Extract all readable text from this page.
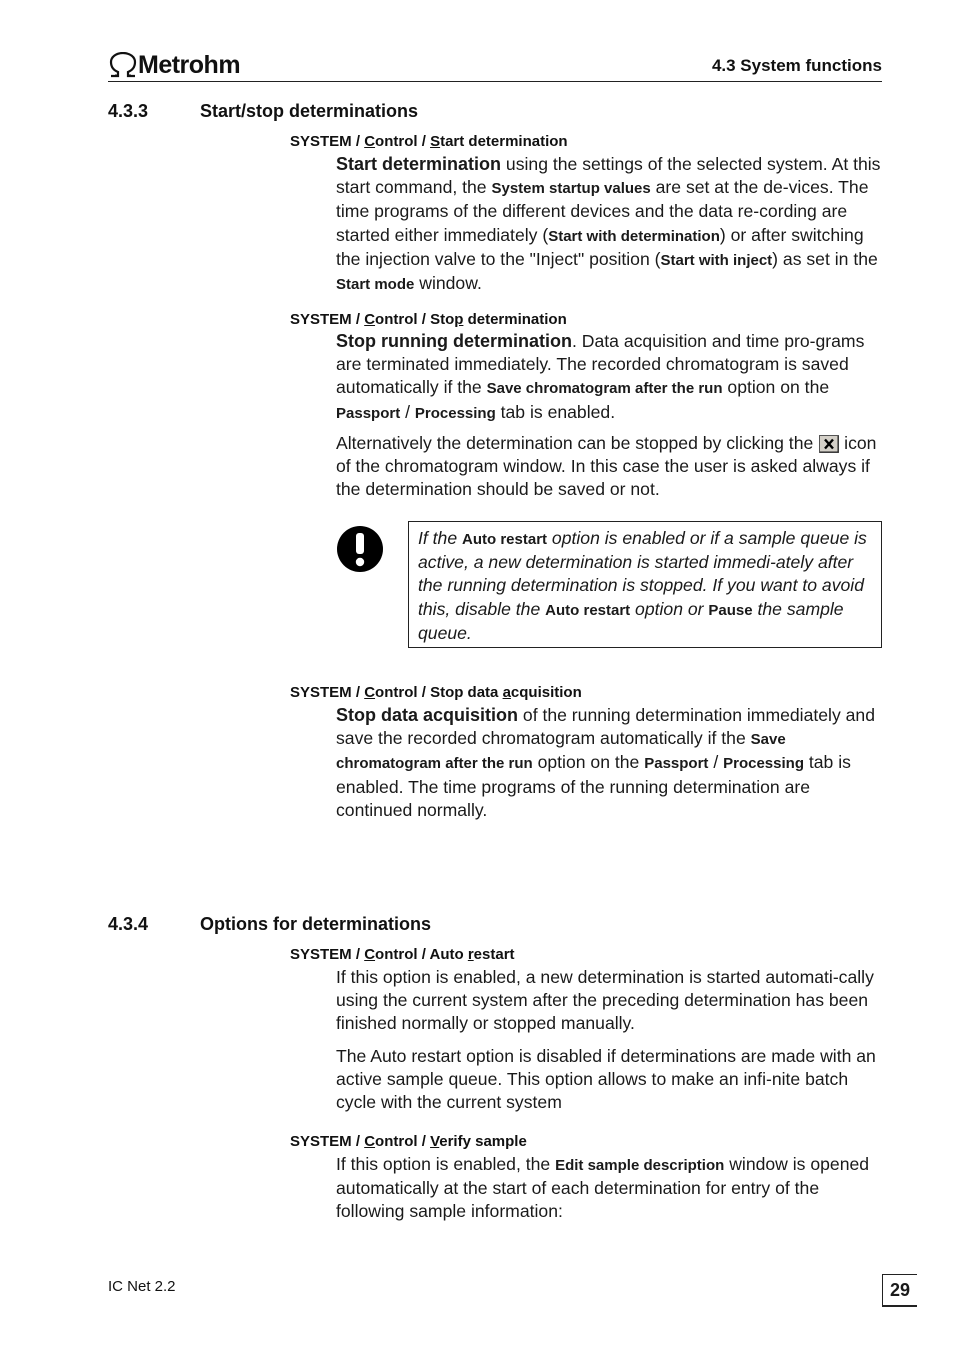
Metrohm	4.3 System functions
4.3.3	Start/stop determinations
SYSTEM / Control / Start determination
Start determination using the settings of the selected system. At this start command, the System startup values are set at the de-vices. The time programs of the different devices and the data re-cording are started either immediately (Start with determination) or after switching the injection valve to the "Inject" position (Start with inject) as set in the Start mode window.
SYSTEM / Control / Stop determination
Stop running determination. Data acquisition and time pro-grams are terminated immediately. The recorded chromatogram is saved automatically if the Save chromatogram after the run option on the Passport / Processing tab is enabled.
Alternatively the determination can be stopped by clicking the icon of the chromatogram window. In this case the user is asked always if the determination should be saved or not.
If the Auto restart option is enabled or if a sample queue is active, a new determination is started immedi-ately after the running determination is stopped. If you want to avoid this, disable the Auto restart option or Pause the sample queue.
SYSTEM / Control / Stop data acquisition
Stop data acquisition of the running determination immediately and save the recorded chromatogram automatically if the Save chromatogram after the run option on the Passport / Processing tab is enabled. The time programs of the running determination are continued normally.
4.3.4	Options for determinations
SYSTEM / Control / Auto restart
If this option is enabled, a new determination is started automati-cally using the current system after the preceding determination has been finished normally or stopped manually.
The Auto restart option is disabled if determinations are made with an active sample queue. This option allows to make an infi-nite batch cycle with the current system
SYSTEM / Control / Verify sample
If this option is enabled, the Edit sample description window is opened automatically at the start of each determination for entry of the following sample information:
IC Net 2.2	29
